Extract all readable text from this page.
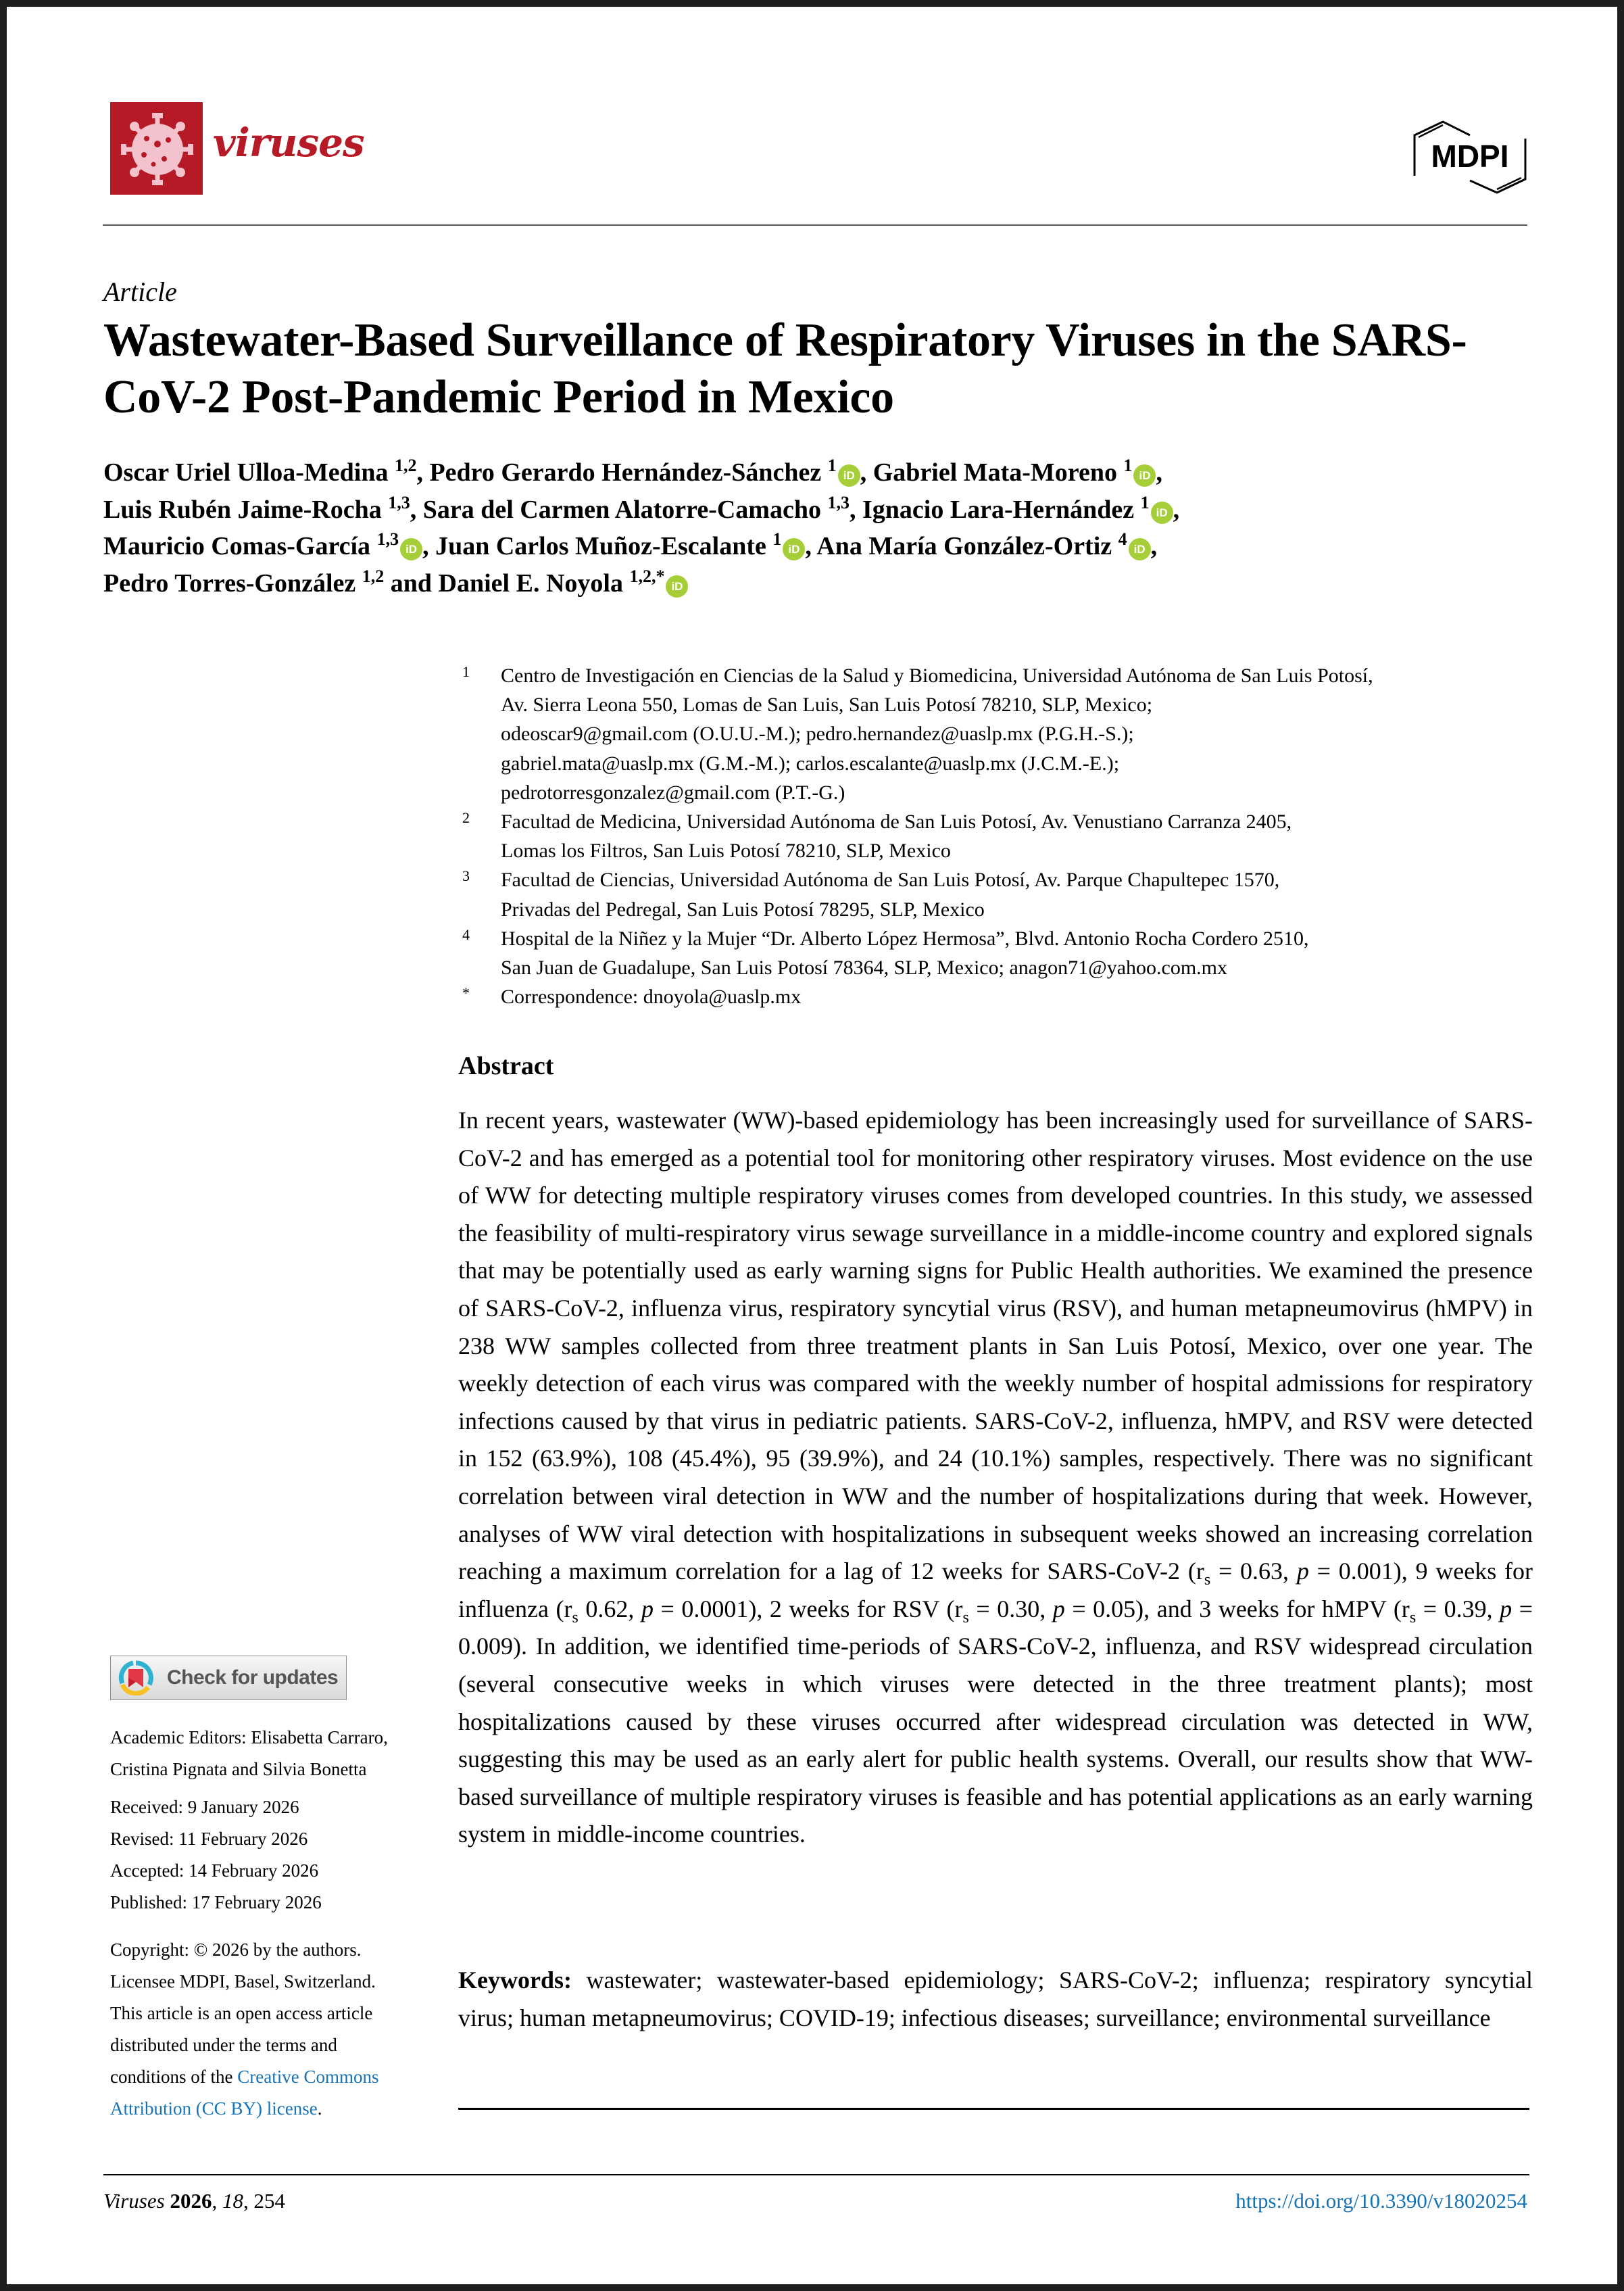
viruses	MDPI
Article
Wastewater-Based Surveillance of Respiratory Viruses in the SARS-CoV-2 Post-Pandemic Period in Mexico
Oscar Uriel Ulloa-Medina $^{1,2}$, Pedro Gerardo Hernández-Sánchez $^1$iD , Gabriel Mata-Moreno $^1$iD ,
Luis Rubén Jaime-Rocha $^{1,3}$, Sara del Carmen Alatorre-Camacho $^{1,3}$, Ignacio Lara-Hernández $^1$iD ,
Mauricio Comas-García $^{1,3}$iD , Juan Carlos Muñoz-Escalante $^1$iD , Ana María González-Ortiz $^4$iD ,
Pedro Torres-González $^{1,2}$ and Daniel E. Noyola $^{1,2,*}$iD
1 Centro de Investigación en Ciencias de la Salud y Biomedicina, Universidad Autónoma de San Luis Potosí,
Av. Sierra Leona 550, Lomas de San Luis, San Luis Potosí 78210, SLP, Mexico;
odeoscar9@gmail.com (O.U.U.-M.); pedro.hernandez@uaslp.mx (P.G.H.-S.);
gabriel.mata@uaslp.mx (G.M.-M.); carlos.escalante@uaslp.mx (J.C.M.-E.);
pedrotorresgonzalez@gmail.com (P.T.-G.)
2 Facultad de Medicina, Universidad Autónoma de San Luis Potosí, Av. Venustiano Carranza 2405,
Lomas los Filtros, San Luis Potosí 78210, SLP, Mexico
3 Facultad de Ciencias, Universidad Autónoma de San Luis Potosí, Av. Parque Chapultepec 1570,
Privadas del Pedregal, San Luis Potosí 78295, SLP, Mexico
4 Hospital de la Niñez y la Mujer “Dr. Alberto López Hermosa”, Blvd. Antonio Rocha Cordero 2510,
San Juan de Guadalupe, San Luis Potosí 78364, SLP, Mexico; anagon71@yahoo.com.mx
* Correspondence: dnoyola@uaslp.mx
Abstract
In recent years, wastewater (WW)-based epidemiology has been increasingly used for surveillance of SARS-CoV-2 and has emerged as a potential tool for monitoring other respiratory viruses. Most evidence on the use of WW for detecting multiple respiratory viruses comes from developed countries. In this study, we assessed the feasibility of multi-respiratory virus sewage surveillance in a middle-income country and explored signals that may be potentially used as early warning signs for Public Health authorities. We examined the presence of SARS-CoV-2, influenza virus, respiratory syncytial virus (RSV), and human metapneumovirus (hMPV) in 238 WW samples collected from three treatment plants in San Luis Potosí, Mexico, over one year. The weekly detection of each virus was compared with the weekly number of hospital admissions for respiratory infections caused by that virus in pediatric patients. SARS-CoV-2, influenza, hMPV, and RSV were detected in 152 (63.9%), 108 (45.4%), 95 (39.9%), and 24 (10.1%) samples, respectively. There was no significant correlation between viral detection in WW and the number of hospitalizations during that week. However, analyses of WW viral detection with hospitalizations in subsequent weeks showed an increasing correlation reaching a maximum correlation for a lag of 12 weeks for SARS-CoV-2 ($r_s = 0.63$, p = 0.001), 9 weeks for influenza ($r_s$ 0.62, p = 0.0001), 2 weeks for RSV ($r_s = 0.30$, p = 0.05), and 3 weeks for hMPV ($r_s = 0.39$, p = 0.009). In addition, we identified time-periods of SARS-CoV-2, influenza, and RSV widespread circulation (several consecutive weeks in which viruses were detected in the three treatment plants); most hospitalizations caused by these viruses occurred after widespread circulation was detected in WW, suggesting this may be used as an early alert for public health systems. Overall, our results show that WW-based surveillance of multiple respiratory viruses is feasible and has potential applications as an early warning system in middle-income countries.
Keywords: wastewater; wastewater-based epidemiology; SARS-CoV-2; influenza; respiratory syncytial virus; human metapneumovirus; COVID-19; infectious diseases; surveillance; environmental surveillance
Check for updates
Academic Editors: Elisabetta Carraro,
Cristina Pignata and Silvia Bonetta
Received: 9 January 2026
Revised: 11 February 2026
Accepted: 14 February 2026
Published: 17 February 2026
Copyright: © 2026 by the authors.
Licensee MDPI, Basel, Switzerland.
This article is an open access article
distributed under the terms and
conditions of the Creative Commons
Attribution (CC BY) license.
Viruses 2026, 18, 254	https://doi.org/10.3390/v18020254
